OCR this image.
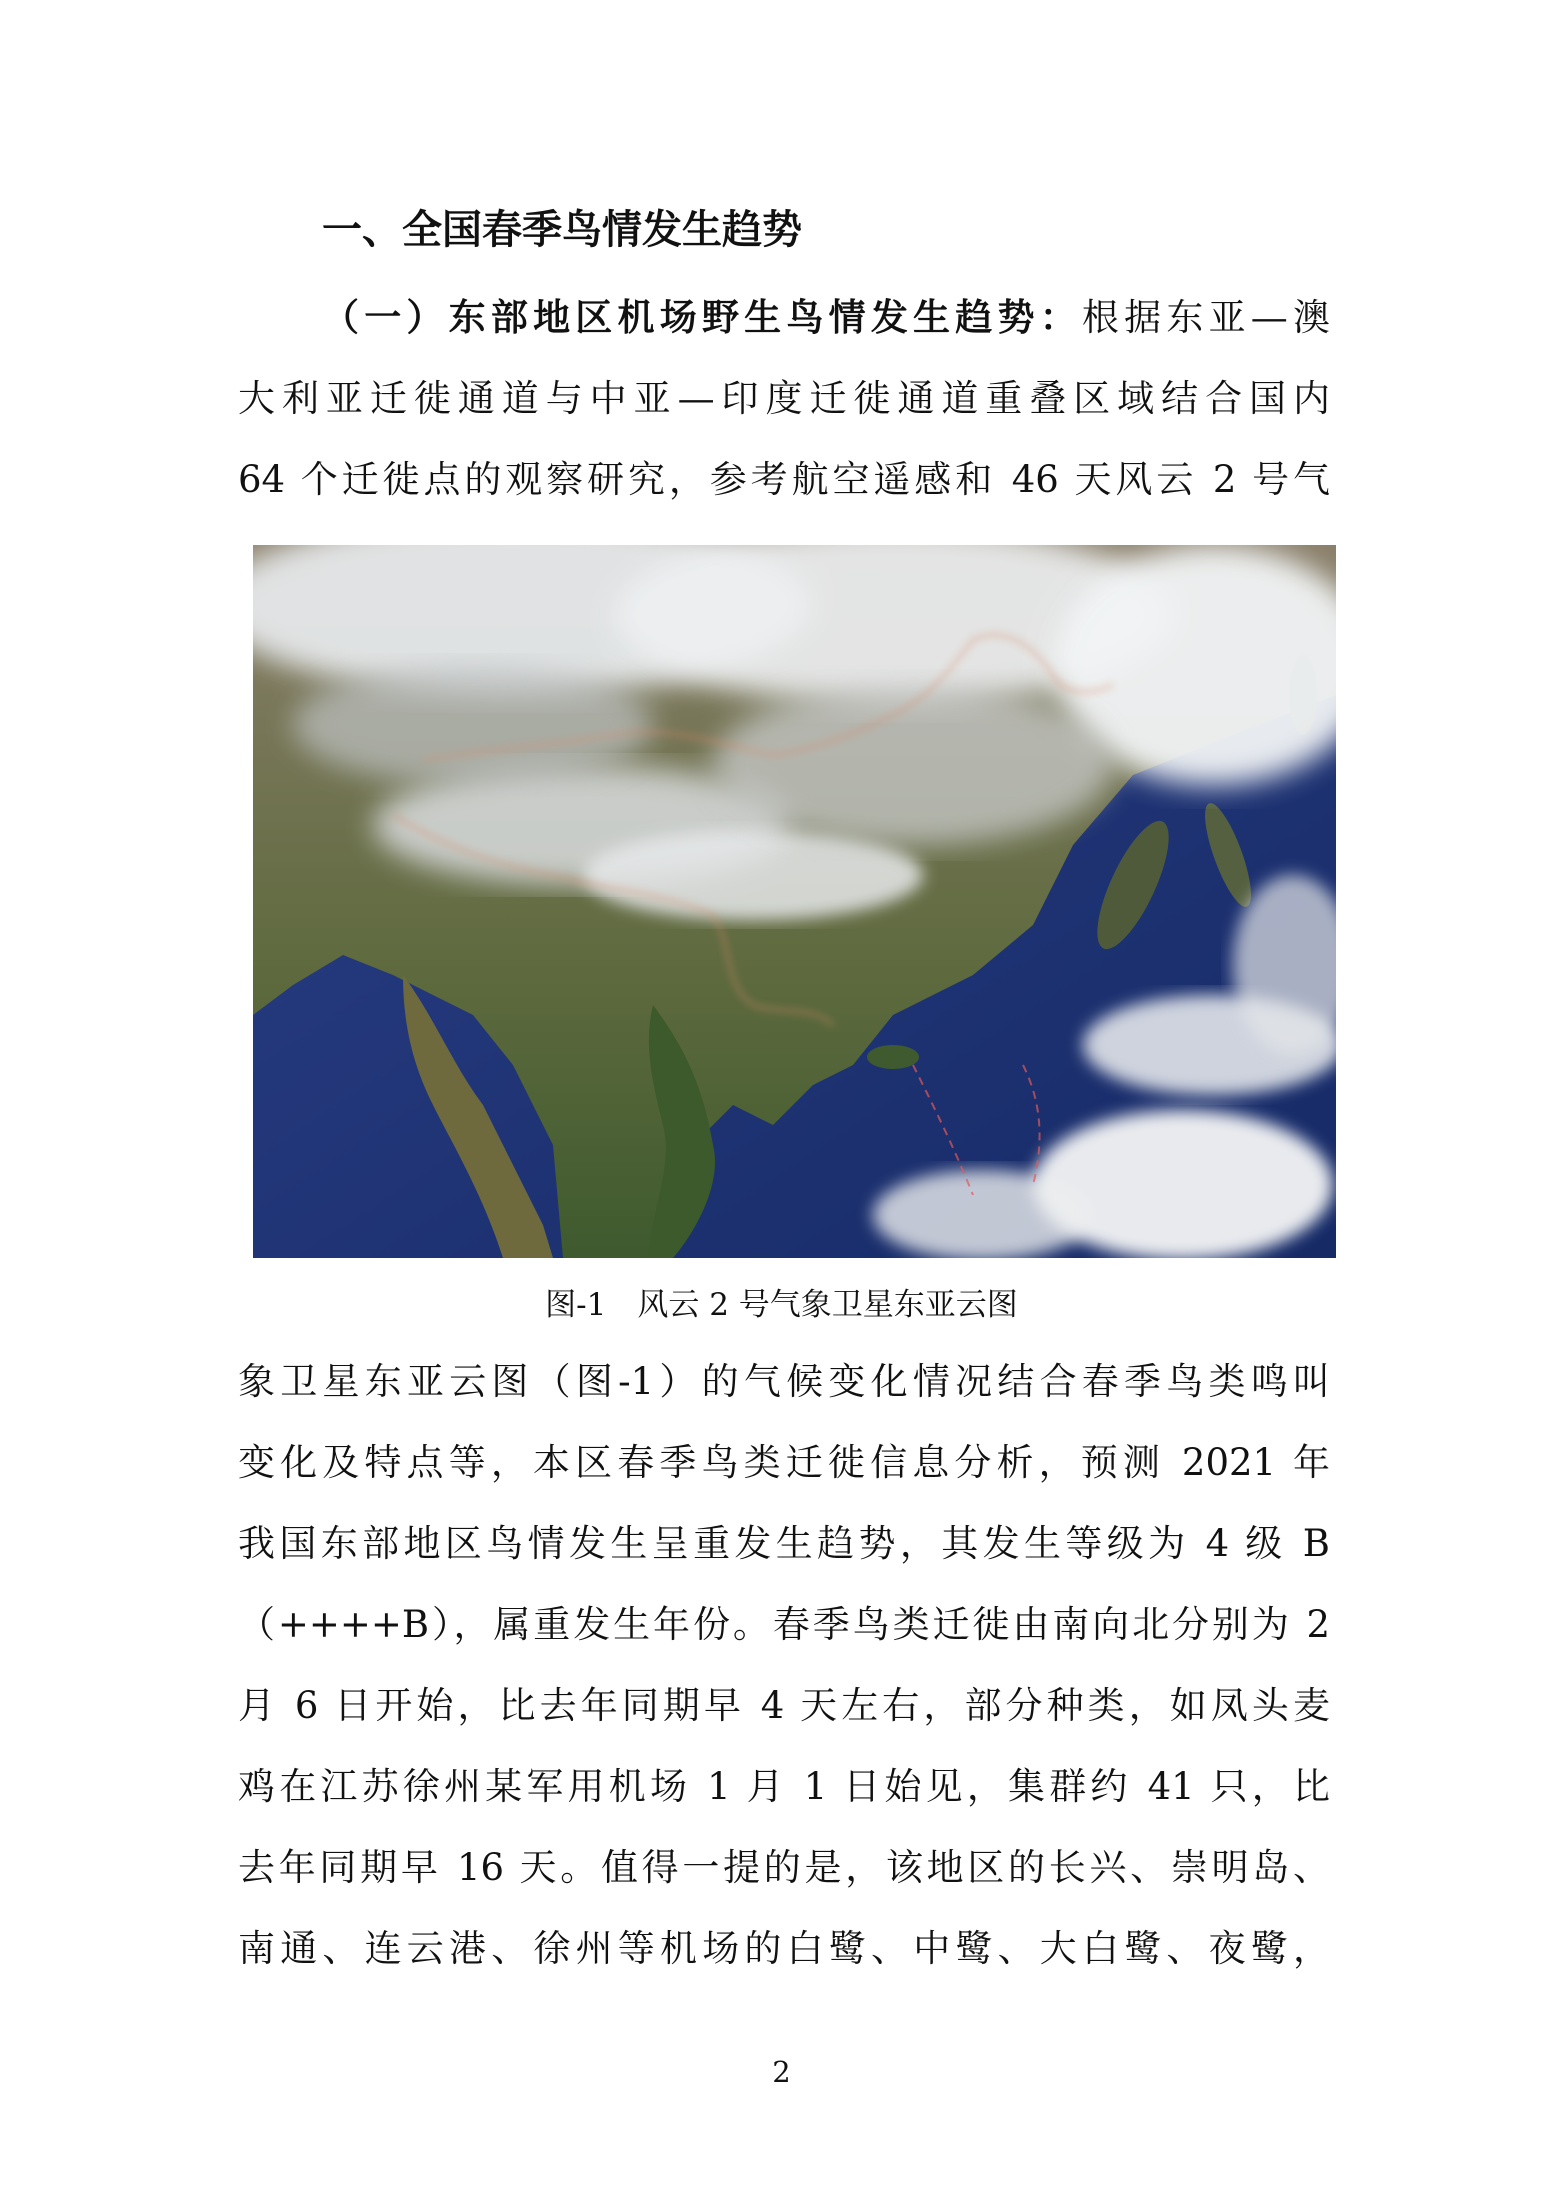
一、全国春季鸟情发生趋势
（一）东部地区机场野生鸟情发生趋势：根据东亚—澳
大利亚迁徙通道与中亚—印度迁徙通道重叠区域结合国内
64 个迁徙点的观察研究，参考航空遥感和 46 天风云 2 号气
图-1　风云 2 号气象卫星东亚云图
象卫星东亚云图（图-1）的气候变化情况结合春季鸟类鸣叫
变化及特点等，本区春季鸟类迁徙信息分析，预测 2021 年
我国东部地区鸟情发生呈重发生趋势，其发生等级为 4 级 B
（++++B），属重发生年份。春季鸟类迁徙由南向北分别为 2
月 6 日开始，比去年同期早 4 天左右，部分种类，如凤头麦
鸡在江苏徐州某军用机场 1 月 1 日始见，集群约 41 只，比
去年同期早 16 天。值得一提的是，该地区的长兴、崇明岛、
南通、连云港、徐州等机场的白鹭、中鹭、大白鹭、夜鹭，
2
